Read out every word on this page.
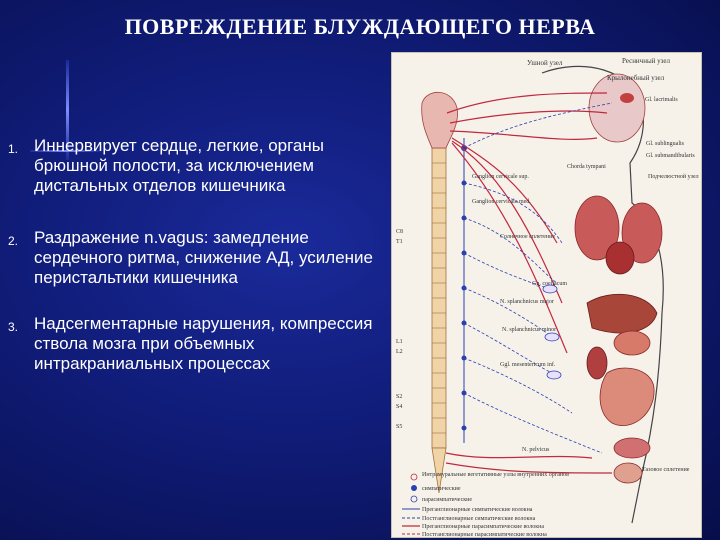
ПОВРЕЖДЕНИЕ БЛУЖДАЮЩЕГО НЕРВА
1. Иннервирует сердце, легкие, органы брюшной полости, за исключением дистальных отделов кишечника
2. Раздражение n.vagus: замедление сердечного ритма, снижение АД, усиление перистальтики кишечника
3. Надсегментарные нарушения, компрессия ствола мозга при объемных интракраниальных процессах
Ушной узел	Ресничный узел
Крылонебный узел
Gl. lacrimalis
Gl. sublingualis
Gl. submandibularis
Chorda tympani
Подчелюстной узел
Ganglion cervicale sup.
Ganglion cervicale med.
Солнечное сплетение
Gg. coeliacum
N. splanchnicus major
N. splanchnicus minor
Ggl. mesentericum inf.
C8
T1
L1
L2
S2
S4
S5
N. pelvicus
Тазовое сплетение
Интрамуральные вегетативные узлы внутренних органов
симпатические
парасимпатические
Преганглионарные симпатические волокна
Постганглионарные симпатические волокна
Преганглионарные парасимпатические волокна
Постганглионарные парасимпатические волокна
